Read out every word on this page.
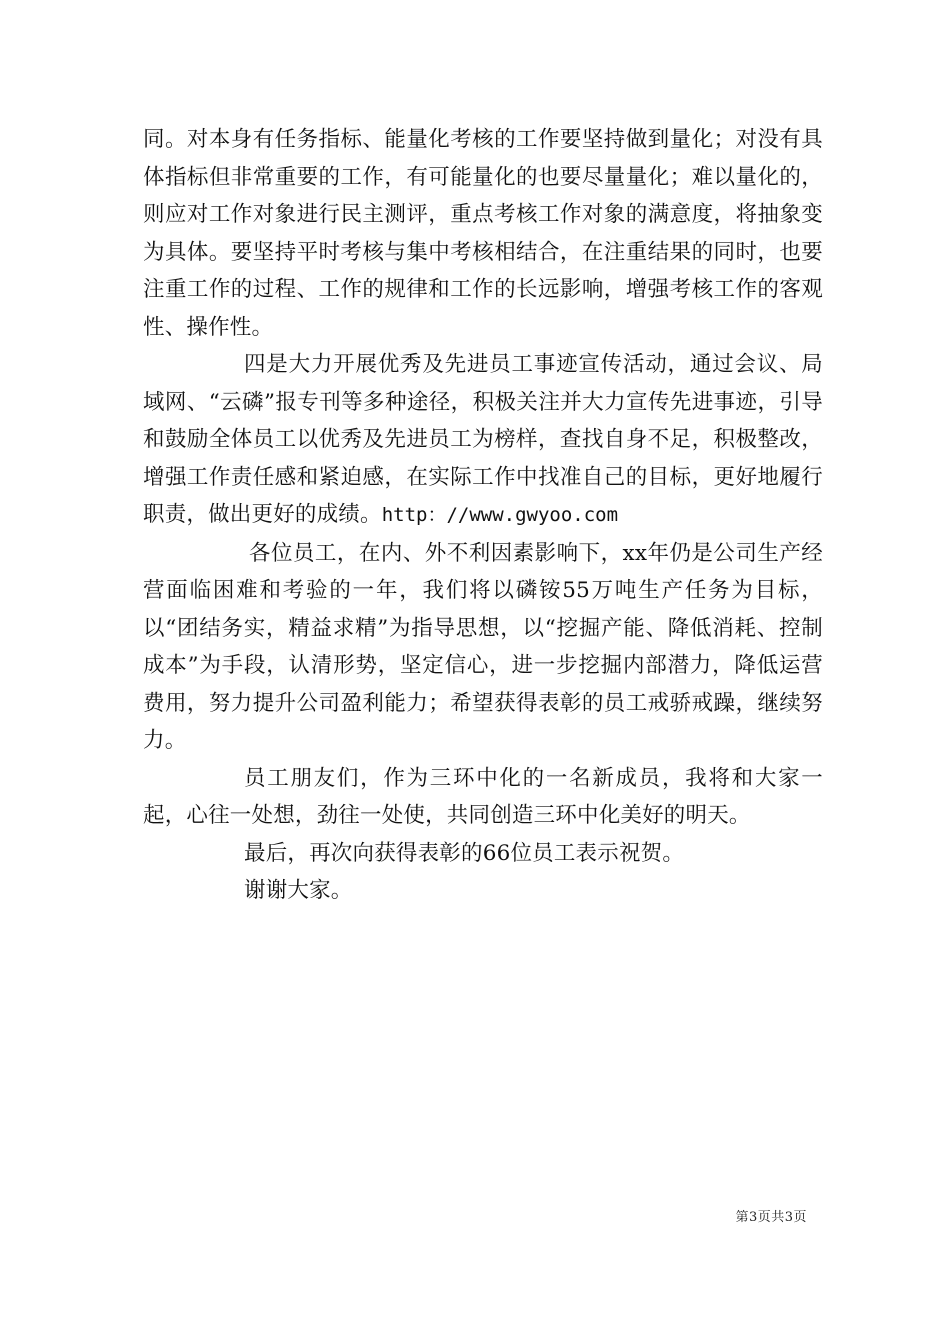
同。对本身有任务指标、能量化考核的工作要坚持做到量化；对没有具体指标但非常重要的工作，有可能量化的也要尽量量化；难以量化的，则应对工作对象进行民主测评，重点考核工作对象的满意度，将抽象变为具体。要坚持平时考核与集中考核相结合，在注重结果的同时，也要注重工作的过程、工作的规律和工作的长远影响，增强考核工作的客观性、操作性。

四是大力开展优秀及先进员工事迹宣传活动，通过会议、局域网、“云磷”报专刊等多种途径，积极关注并大力宣传先进事迹，引导和鼓励全体员工以优秀及先进员工为榜样，查找自身不足，积极整改，增强工作责任感和紧迫感，在实际工作中找准自己的目标，更好地履行职责，做出更好的成绩。http：//www.gwyoo.com

各位员工，在内、外不利因素影响下，xx年仍是公司生产经营面临困难和考验的一年，我们将以磷铵55万吨生产任务为目标，以“团结务实，精益求精”为指导思想，以“挖掘产能、降低消耗、控制成本”为手段，认清形势，坚定信心，进一步挖掘内部潜力，降低运营费用，努力提升公司盈利能力；希望获得表彰的员工戒骄戒躁，继续努力。

员工朋友们，作为三环中化的一名新成员，我将和大家一起，心往一处想，劲往一处使，共同创造三环中化美好的明天。

最后，再次向获得表彰的66位员工表示祝贺。

谢谢大家。

第3页共3页
